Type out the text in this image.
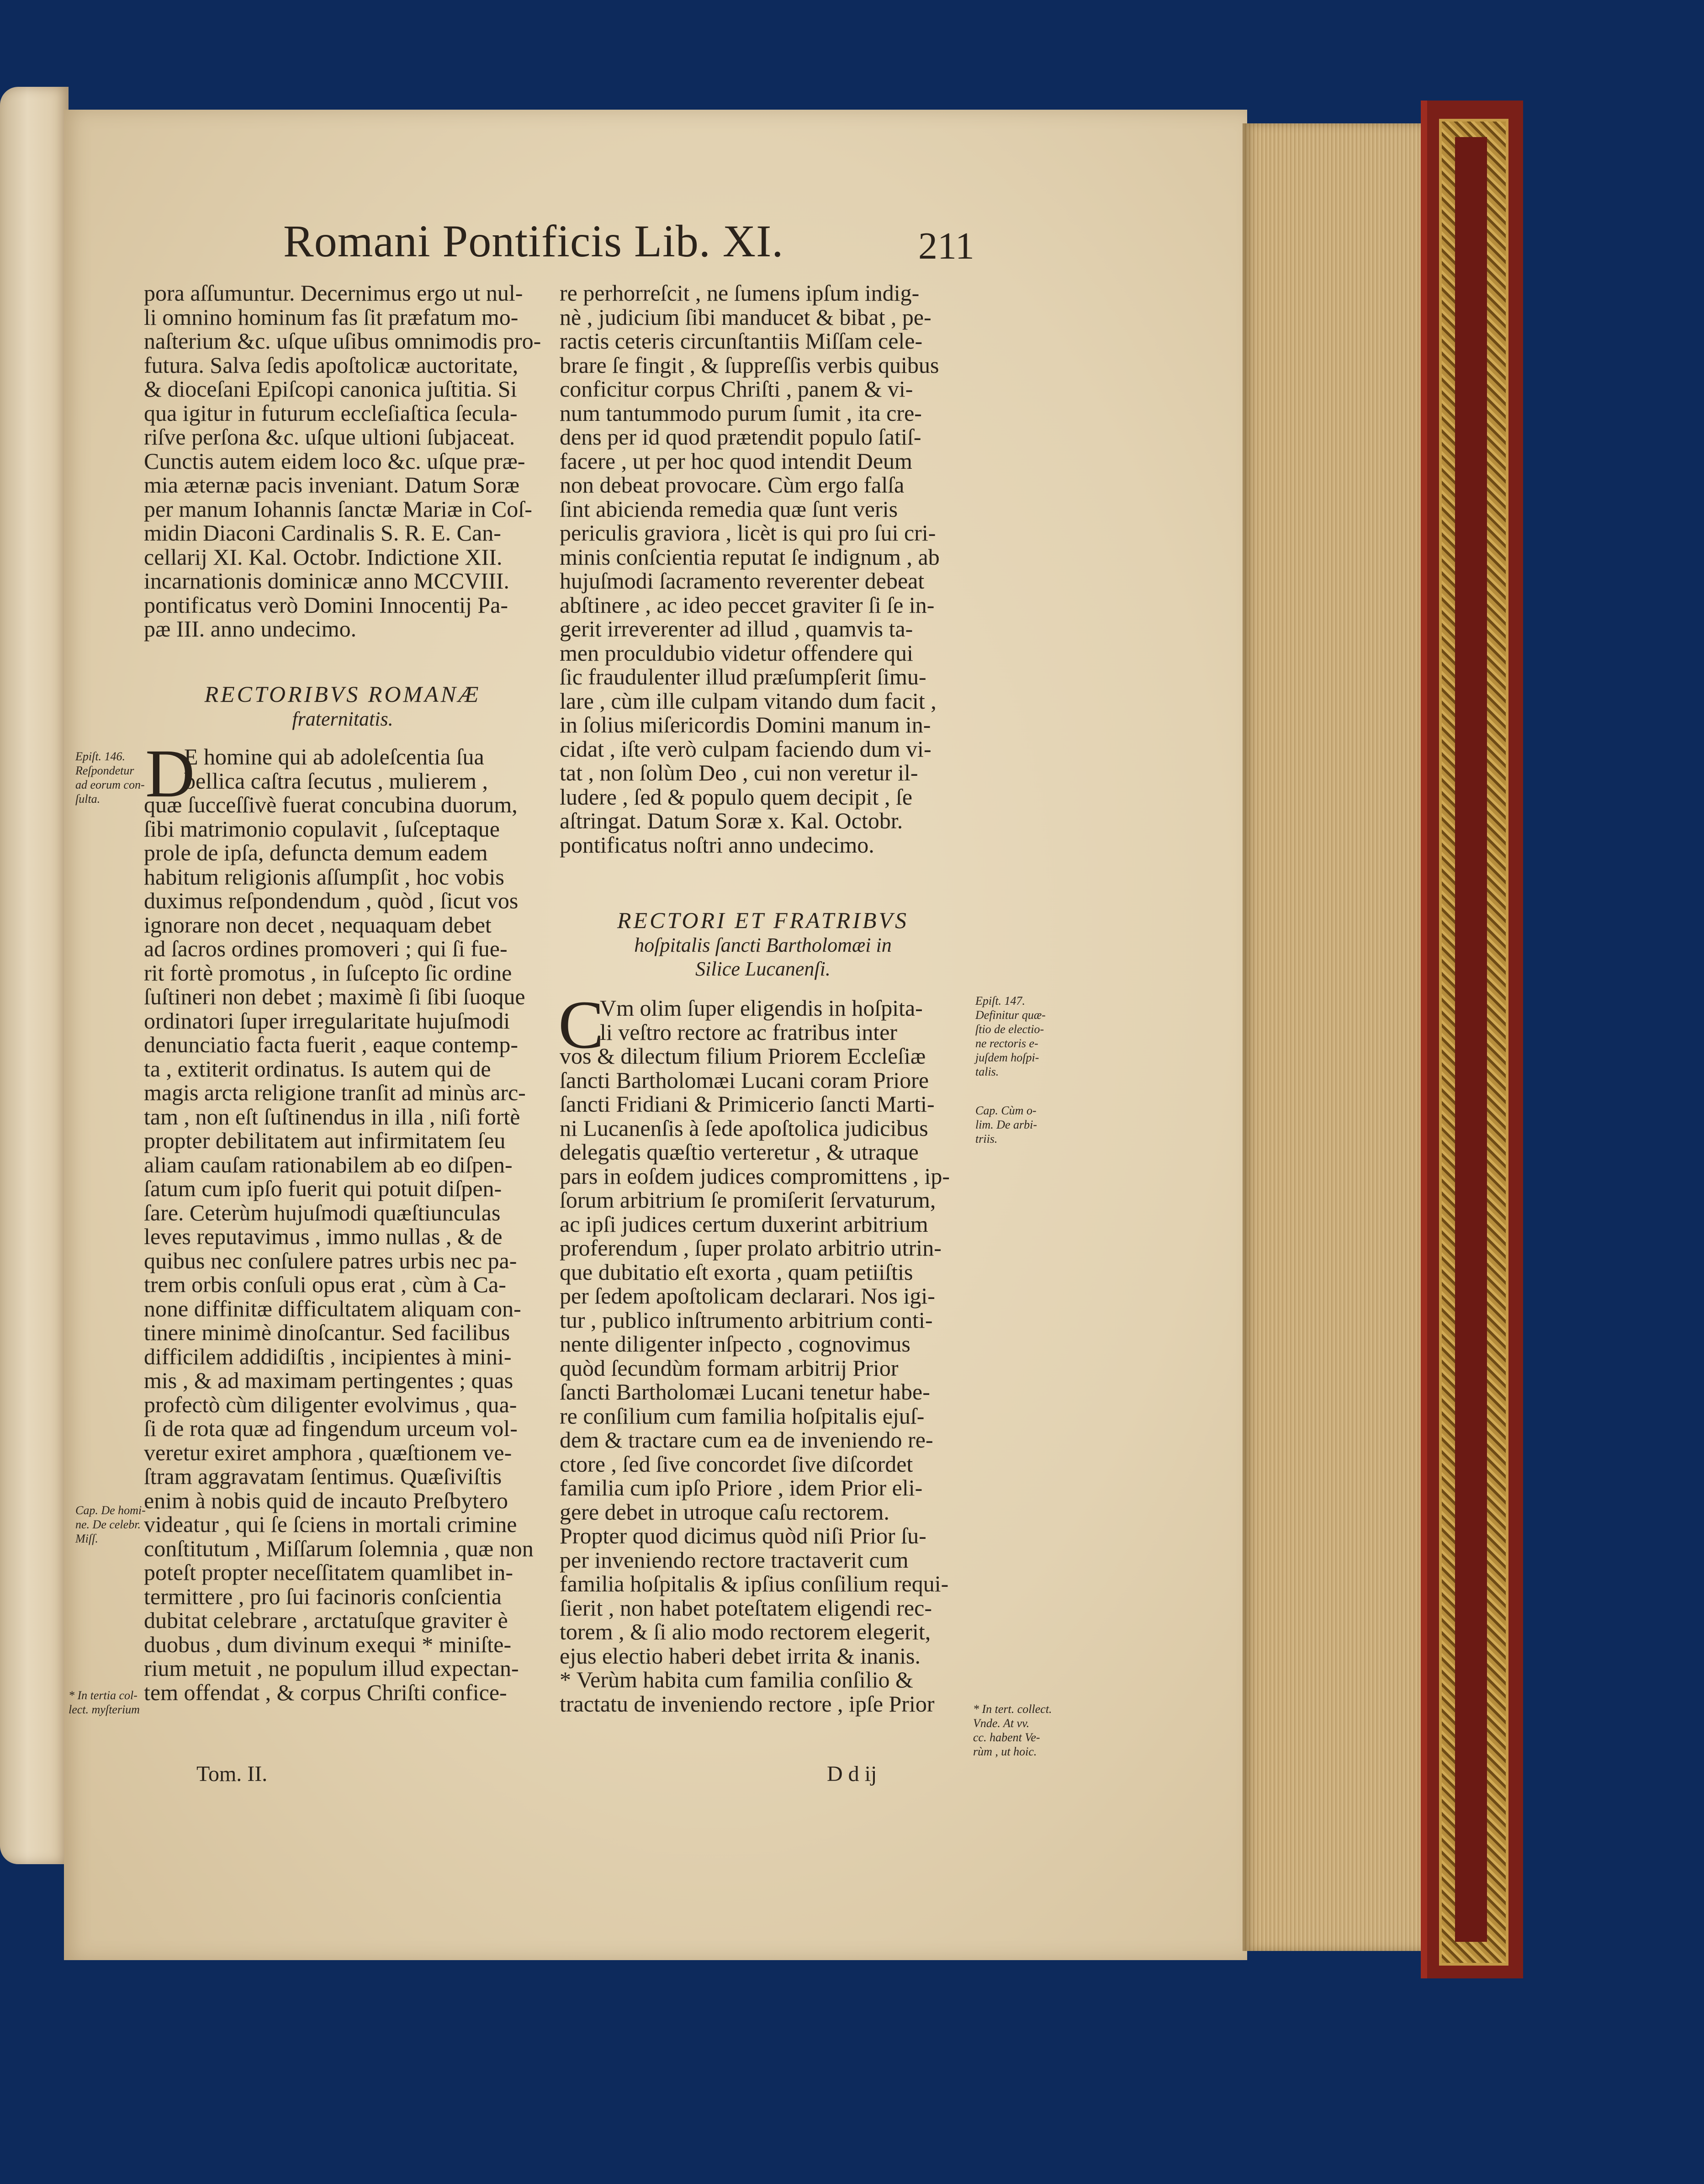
Romani Pontificis Lib. XI.	211
pora aſſumuntur. Decernimus ergo ut nul-
li omnino hominum fas ſit præfatum mo-
naſterium &c. uſque uſibus omnimodis pro-
futura. Salva ſedis apoſtolicæ auctoritate,
& dioceſani Epiſcopi canonica juſtitia. Si
qua igitur in futurum eccleſiaſtica ſecula-
riſve perſona &c. uſque ultioni ſubjaceat.
Cunctis autem eidem loco &c. uſque præ-
mia æternæ pacis inveniant. Datum Soræ
per manum Iohannis ſanctæ Mariæ in Coſ-
midin Diaconi Cardinalis S. R. E. Can-
cellarij XI. Kal. Octobr. Indictione XII.
incarnationis dominicæ anno MCCVIII.
pontificatus verò Domini Innocentij Pa-
pæ III. anno undecimo.
RECTORIBVS ROMANÆ
fraternitatis.
D
E homine qui ab adoleſcentia ſua
bellica caſtra ſecutus , mulierem ,
quæ ſucceſſivè fuerat concubina duorum,
ſibi matrimonio copulavit , ſuſceptaque
prole de ipſa, defuncta demum eadem
habitum religionis aſſumpſit , hoc vobis
duximus reſpondendum , quòd , ſicut vos
ignorare non decet , nequaquam debet
ad ſacros ordines promoveri ; qui ſi fue-
rit fortè promotus , in ſuſcepto ſic ordine
ſuſtineri non debet ; maximè ſi ſibi ſuoque
ordinatori ſuper irregularitate hujuſmodi
denunciatio facta fuerit , eaque contemp-
ta , extiterit ordinatus. Is autem qui de
magis arcta religione tranſit ad minùs arc-
tam , non eſt ſuſtinendus in illa , niſi fortè
propter debilitatem aut infirmitatem ſeu
aliam cauſam rationabilem ab eo diſpen-
ſatum cum ipſo fuerit qui potuit diſpen-
ſare. Ceterùm hujuſmodi quæſtiunculas
leves reputavimus , immo nullas , & de
quibus nec conſulere patres urbis nec pa-
trem orbis conſuli opus erat , cùm à Ca-
none diffinitæ difficultatem aliquam con-
tinere minimè dinoſcantur. Sed facilibus
difficilem addidiſtis , incipientes à mini-
mis , & ad maximam pertingentes ; quas
profectò cùm diligenter evolvimus , qua-
ſi de rota quæ ad fingendum urceum vol-
veretur exiret amphora , quæſtionem ve-
ſtram aggravatam ſentimus. Quæſiviſtis
enim à nobis quid de incauto Preſbytero
videatur , qui ſe ſciens in mortali crimine
conſtitutum , Miſſarum ſolemnia , quæ non
poteſt propter neceſſitatem quamlibet in-
termittere , pro ſui facinoris conſcientia
dubitat celebrare , arctatuſque graviter è
duobus , dum divinum exequi * miniſte-
rium metuit , ne populum illud expectan-
tem offendat , & corpus Chriſti confice-
Tom. II.
re perhorreſcit , ne ſumens ipſum indig-
nè , judicium ſibi manducet & bibat , pe-
ractis ceteris circunſtantiis Miſſam cele-
brare ſe fingit , & ſuppreſſis verbis quibus
conficitur corpus Chriſti , panem & vi-
num tantummodo purum ſumit , ita cre-
dens per id quod prætendit populo ſatiſ-
facere , ut per hoc quod intendit Deum
non debeat provocare. Cùm ergo falſa
ſint abicienda remedia quæ ſunt veris
periculis graviora , licèt is qui pro ſui cri-
minis conſcientia reputat ſe indignum , ab
hujuſmodi ſacramento reverenter debeat
abſtinere , ac ideo peccet graviter ſi ſe in-
gerit irreverenter ad illud , quamvis ta-
men proculdubio videtur offendere qui
ſic fraudulenter illud præſumpſerit ſimu-
lare , cùm ille culpam vitando dum facit ,
in ſolius miſericordis Domini manum in-
cidat , iſte verò culpam faciendo dum vi-
tat , non ſolùm Deo , cui non veretur il-
ludere , ſed & populo quem decipit , ſe
aſtringat. Datum Soræ x. Kal. Octobr.
pontificatus noſtri anno undecimo.
RECTORI ET FRATRIBVS
hoſpitalis ſancti Bartholomæi in
Silice Lucanenſi.
C
Vm olim ſuper eligendis in hoſpita-
li veſtro rectore ac fratribus inter
vos & dilectum filium Priorem Eccleſiæ
ſancti Bartholomæi Lucani coram Priore
ſancti Fridiani & Primicerio ſancti Marti-
ni Lucanenſis à ſede apoſtolica judicibus
delegatis quæſtio verteretur , & utraque
pars in eoſdem judices compromittens , ip-
ſorum arbitrium ſe promiſerit ſervaturum,
ac ipſi judices certum duxerint arbitrium
proferendum , ſuper prolato arbitrio utrin-
que dubitatio eſt exorta , quam petiiſtis
per ſedem apoſtolicam declarari. Nos igi-
tur , publico inſtrumento arbitrium conti-
nente diligenter inſpecto , cognovimus
quòd ſecundùm formam arbitrij Prior
ſancti Bartholomæi Lucani tenetur habe-
re conſilium cum familia hoſpitalis ejuſ-
dem & tractare cum ea de inveniendo re-
ctore , ſed ſive concordet ſive diſcordet
familia cum ipſo Priore , idem Prior eli-
gere debet in utroque caſu rectorem.
Propter quod dicimus quòd niſi Prior ſu-
per inveniendo rectore tractaverit cum
familia hoſpitalis & ipſius conſilium requi-
ſierit , non habet poteſtatem eligendi rec-
torem , & ſi alio modo rectorem elegerit,
ejus electio haberi debet irrita & inanis.
* Verùm habita cum familia conſilio &
tractatu de inveniendo rectore , ipſe Prior
D d ij
Epiſt. 146.
Reſpondetur
ad eorum con-
ſulta.
Cap. De homi-
ne. De celebr.
Miſſ.
* In tertia col-
lect. myſterium
Epiſt. 147.
Definitur quæ-
ſtio de electio-
ne rectoris e-
juſdem hoſpi-
talis.
Cap. Cùm o-
lim. De arbi-
triis.
* In tert. collect.
Vnde. At vv.
cc. habent Ve-
rùm , ut hoic.
